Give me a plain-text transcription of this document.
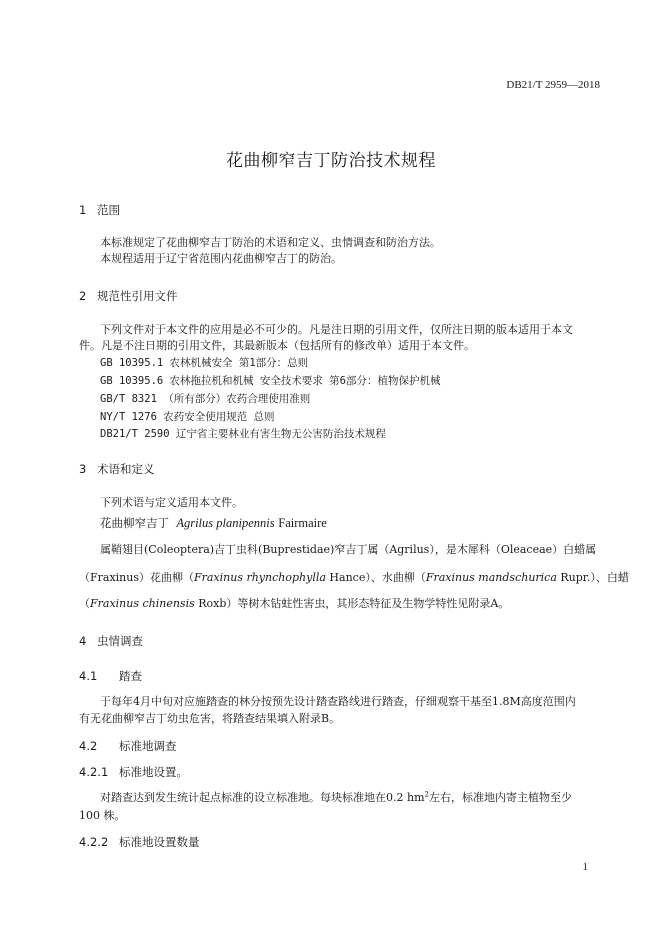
DB21/T 2959—2018
花曲柳窄吉丁防治技术规程
1 范围
本标准规定了花曲柳窄吉丁防治的术语和定义、虫情调查和防治方法。
本规程适用于辽宁省范围内花曲柳窄吉丁的防治。
2 规范性引用文件
下列文件对于本文件的应用是必不可少的。凡是注日期的引用文件，仅所注日期的版本适用于本文
件。凡是不注日期的引用文件，其最新版本（包括所有的修改单）适用于本文件。
GB 10395.1 农林机械安全 第1部分：总则
GB 10395.6 农林拖拉机和机械 安全技术要求 第6部分：植物保护机械
GB/T 8321 （所有部分）农药合理使用准则
NY/T 1276 农药安全使用规范 总则
DB21/T 2590 辽宁省主要林业有害生物无公害防治技术规程
3 术语和定义
下列术语与定义适用本文件。
花曲柳窄吉丁 Agrilus planipennis Fairmaire
属鞘翅目(Coleoptera)吉丁虫科(Buprestidae)窄吉丁属（Agrilus），是木犀科（Oleaceae）白蜡属
（Fraxinus）花曲柳（Fraxinus rhynchophylla Hance）、水曲柳（Fraxinus mandschurica Rupr.）、白蜡
（Fraxinus chinensis Roxb）等树木钻蛀性害虫，其形态特征及生物学特性见附录A。
4 虫情调查
4.1 踏查
于每年4月中旬对应施踏查的林分按预先设计踏查路线进行踏查，仔细观察干基至1.8M高度范围内
有无花曲柳窄吉丁幼虫危害，将踏查结果填入附录B。
4.2 标准地调查
4.2.1 标准地设置。
对踏查达到发生统计起点标准的设立标准地。每块标准地在0.2 $hm^2$左右，标准地内寄主植物至少
100 株。
4.2.2 标准地设置数量
1
